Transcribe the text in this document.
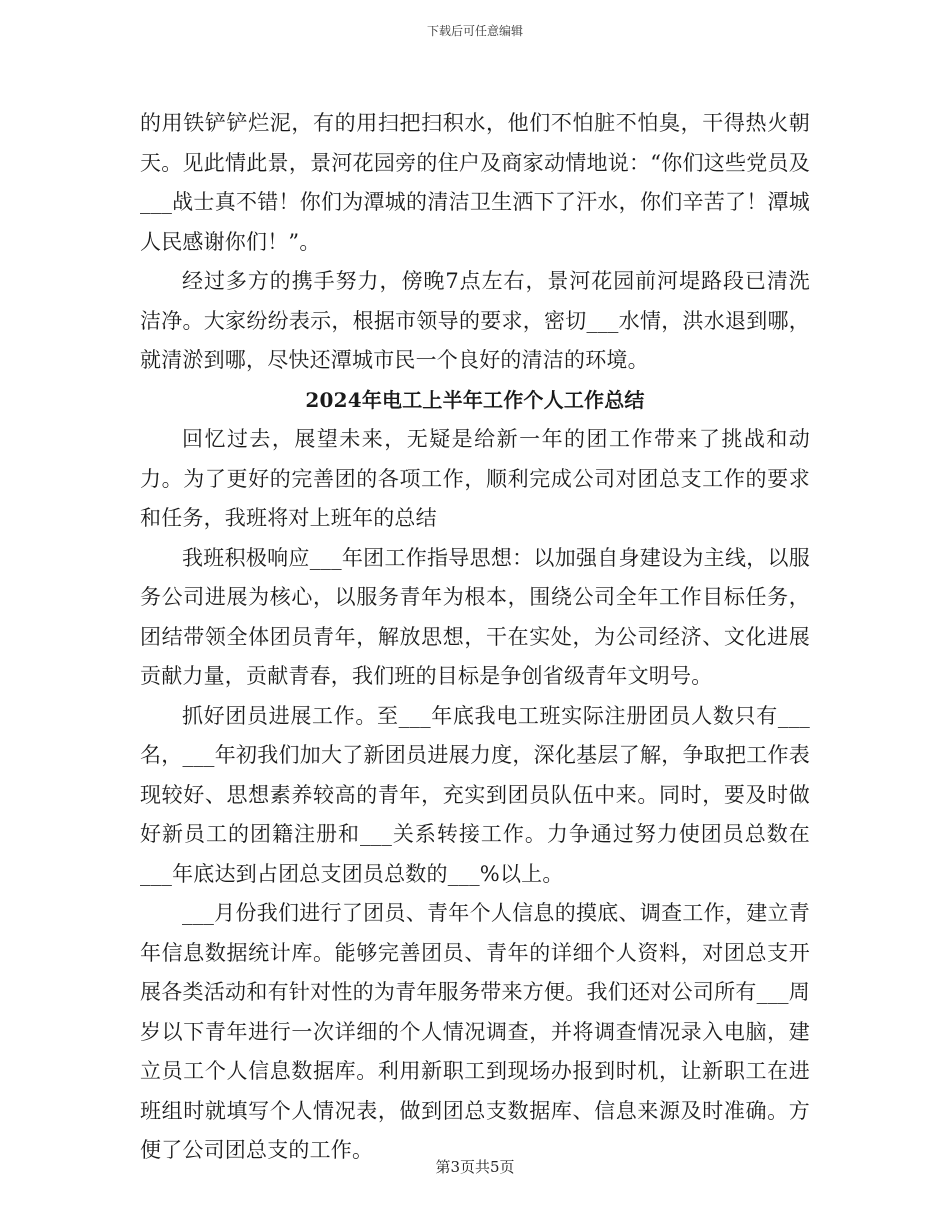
下载后可任意编辑

的用铁铲铲烂泥，有的用扫把扫积水，他们不怕脏不怕臭，干得热火朝天。见此情此景，景河花园旁的住户及商家动情地说：“你们这些党员及___战士真不错！你们为潭城的清洁卫生洒下了汗水，你们辛苦了！潭城人民感谢你们！”。

经过多方的携手努力，傍晚7点左右，景河花园前河堤路段已清洗洁净。大家纷纷表示，根据市领导的要求，密切___水情，洪水退到哪，就清淤到哪，尽快还潭城市民一个良好的清洁的环境。

2024年电工上半年工作个人工作总结

回忆过去，展望未来，无疑是给新一年的团工作带来了挑战和动力。为了更好的完善团的各项工作，顺利完成公司对团总支工作的要求和任务，我班将对上班年的总结

我班积极响应___年团工作指导思想：以加强自身建设为主线，以服务公司进展为核心，以服务青年为根本，围绕公司全年工作目标任务，团结带领全体团员青年，解放思想，干在实处，为公司经济、文化进展贡献力量，贡献青春，我们班的目标是争创省级青年文明号。

抓好团员进展工作。至___年底我电工班实际注册团员人数只有___名，___年初我们加大了新团员进展力度，深化基层了解，争取把工作表现较好、思想素养较高的青年，充实到团员队伍中来。同时，要及时做好新员工的团籍注册和___关系转接工作。力争通过努力使团员总数在___年底达到占团总支团员总数的___%以上。

___月份我们进行了团员、青年个人信息的摸底、调查工作，建立青年信息数据统计库。能够完善团员、青年的详细个人资料，对团总支开展各类活动和有针对性的为青年服务带来方便。我们还对公司所有___周岁以下青年进行一次详细的个人情况调查，并将调查情况录入电脑，建立员工个人信息数据库。利用新职工到现场办报到时机，让新职工在进班组时就填写个人情况表，做到团总支数据库、信息来源及时准确。方便了公司团总支的工作。

第3页共5页
